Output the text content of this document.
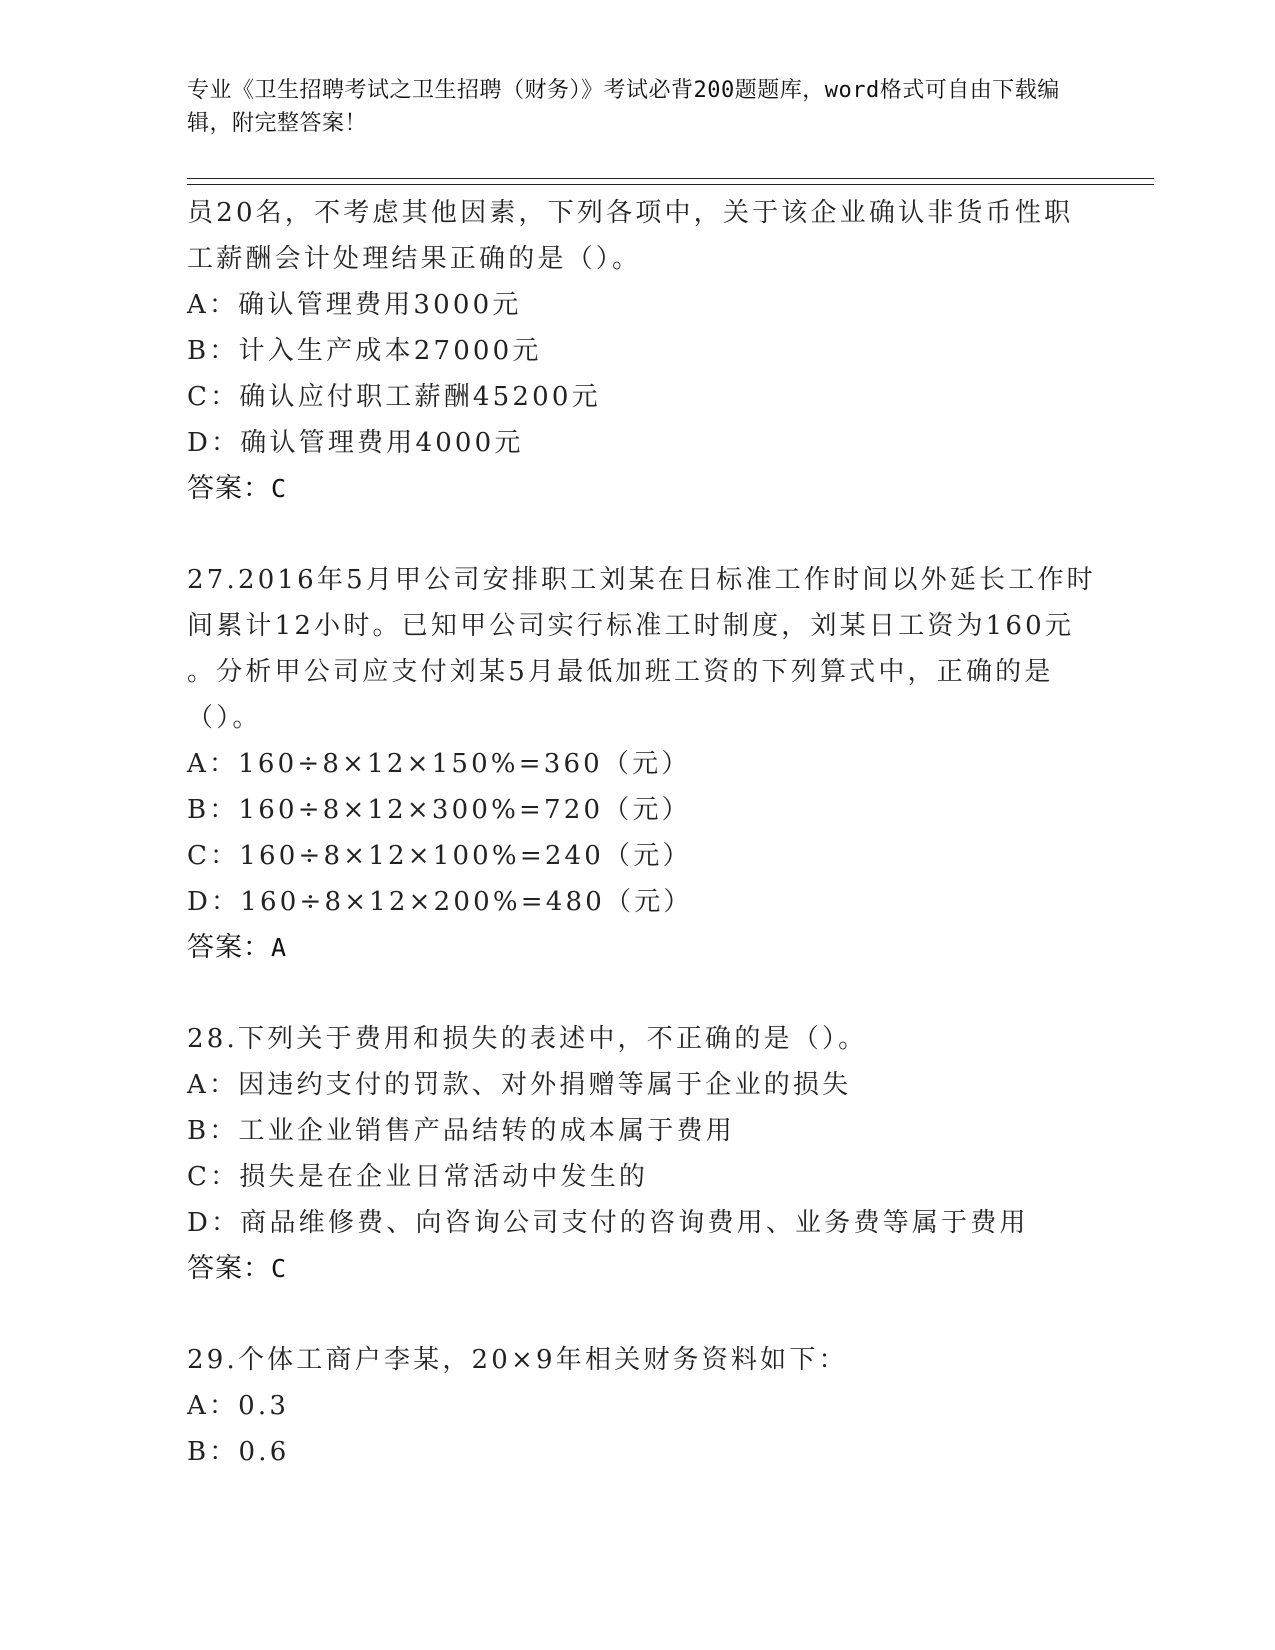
专业《卫生招聘考试之卫生招聘（财务）》考试必背200题题库，word格式可自由下载编辑，附完整答案！
员20名，不考虑其他因素，下列各项中，关于该企业确认非货币性职
工薪酬会计处理结果正确的是（）。
A：确认管理费用3000元
B：计入生产成本27000元
C：确认应付职工薪酬45200元
D：确认管理费用4000元
答案：C
27.2016年5月甲公司安排职工刘某在日标准工作时间以外延长工作时
间累计12小时。已知甲公司实行标准工时制度，刘某日工资为160元
。分析甲公司应支付刘某5月最低加班工资的下列算式中，正确的是
（）。
A：160÷8×12×150%=360（元）
B：160÷8×12×300%=720（元）
C：160÷8×12×100%=240（元）
D：160÷8×12×200%=480（元）
答案：A
28.下列关于费用和损失的表述中，不正确的是（）。
A：因违约支付的罚款、对外捐赠等属于企业的损失
B：工业企业销售产品结转的成本属于费用
C：损失是在企业日常活动中发生的
D：商品维修费、向咨询公司支付的咨询费用、业务费等属于费用
答案：C
29.个体工商户李某，20×9年相关财务资料如下：
A：0.3
B：0.6
